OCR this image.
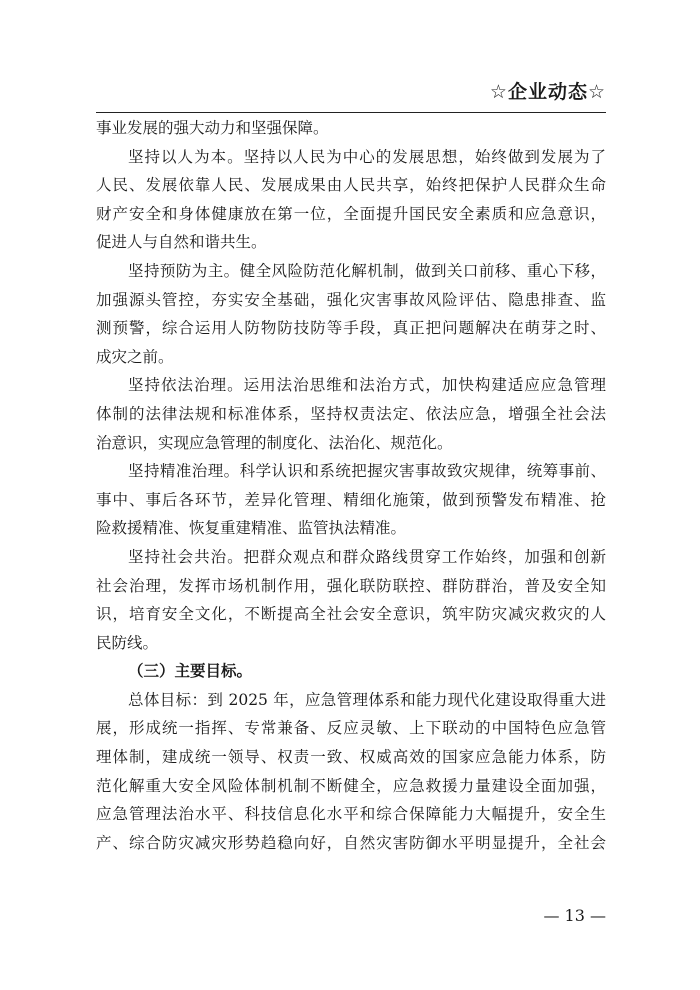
☆企业动态☆
事业发展的强大动力和坚强保障。
坚持以人为本。坚持以人民为中心的发展思想，始终做到发展为了
人民、发展依靠人民、发展成果由人民共享，始终把保护人民群众生命
财产安全和身体健康放在第一位，全面提升国民安全素质和应急意识，
促进人与自然和谐共生。
坚持预防为主。健全风险防范化解机制，做到关口前移、重心下移，
加强源头管控，夯实安全基础，强化灾害事故风险评估、隐患排查、监
测预警，综合运用人防物防技防等手段，真正把问题解决在萌芽之时、
成灾之前。
坚持依法治理。运用法治思维和法治方式，加快构建适应应急管理
体制的法律法规和标准体系，坚持权责法定、依法应急，增强全社会法
治意识，实现应急管理的制度化、法治化、规范化。
坚持精准治理。科学认识和系统把握灾害事故致灾规律，统筹事前、
事中、事后各环节，差异化管理、精细化施策，做到预警发布精准、抢
险救援精准、恢复重建精准、监管执法精准。
坚持社会共治。把群众观点和群众路线贯穿工作始终，加强和创新
社会治理，发挥市场机制作用，强化联防联控、群防群治，普及安全知
识，培育安全文化，不断提高全社会安全意识，筑牢防灾减灾救灾的人
民防线。
（三）主要目标。
总体目标：到 2025 年，应急管理体系和能力现代化建设取得重大进
展，形成统一指挥、专常兼备、反应灵敏、上下联动的中国特色应急管
理体制，建成统一领导、权责一致、权威高效的国家应急能力体系，防
范化解重大安全风险体制机制不断健全，应急救援力量建设全面加强，
应急管理法治水平、科技信息化水平和综合保障能力大幅提升，安全生
产、综合防灾减灾形势趋稳向好，自然灾害防御水平明显提升，全社会
— 13 —
